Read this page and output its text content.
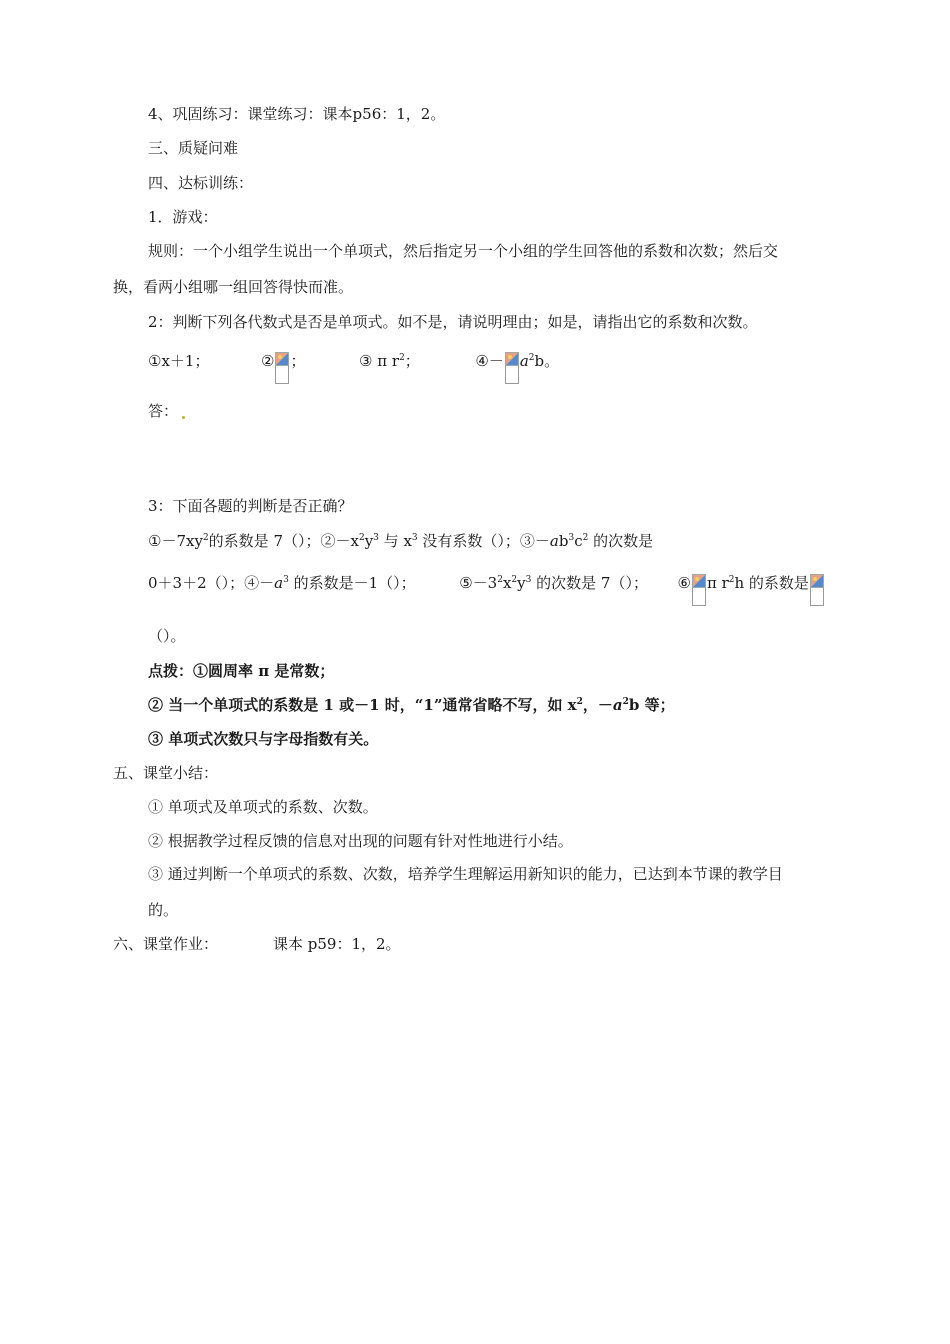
4、巩固练习：课堂练习：课本p56：1，2。
三、质疑问难
四、达标训练：
1．游戏：
规则：一个小组学生说出一个单项式，然后指定另一个小组的学生回答他的系数和次数；然后交
换，看两小组哪一组回答得快而准。
2：判断下列各代数式是否是单项式。如不是，请说明理由；如是，请指出它的系数和次数。
①x＋1；	② ；	③ π $r^2$；	④－ $a^2b$。
答：
3：下面各题的判断是否正确？
$①-7xy^2$的系数是 7（）；$②-x^2y^3$ 与 $x^3$ 没有系数（）；$③-ab^3c^2$ 的次数是
0＋3＋2（）；$④-a^3$ 的系数是－1（）；	$⑤-3^2x^2y^3$ 的次数是 7（）； ⑥ π $r^2h$ 的系数是
（）。
点拨：①圆周率 π 是常数；
② 当一个单项式的系数是 1 或－1 时，“1”通常省略不写，如 $x^2$，$-a^2b$ 等；
③ 单项式次数只与字母指数有关。
五、课堂小结：
① 单项式及单项式的系数、次数。
② 根据教学过程反馈的信息对出现的问题有针对性地进行小结。
③ 通过判断一个单项式的系数、次数，培养学生理解运用新知识的能力，已达到本节课的教学目
的。
六、课堂作业：	课本 p59：1，2。
